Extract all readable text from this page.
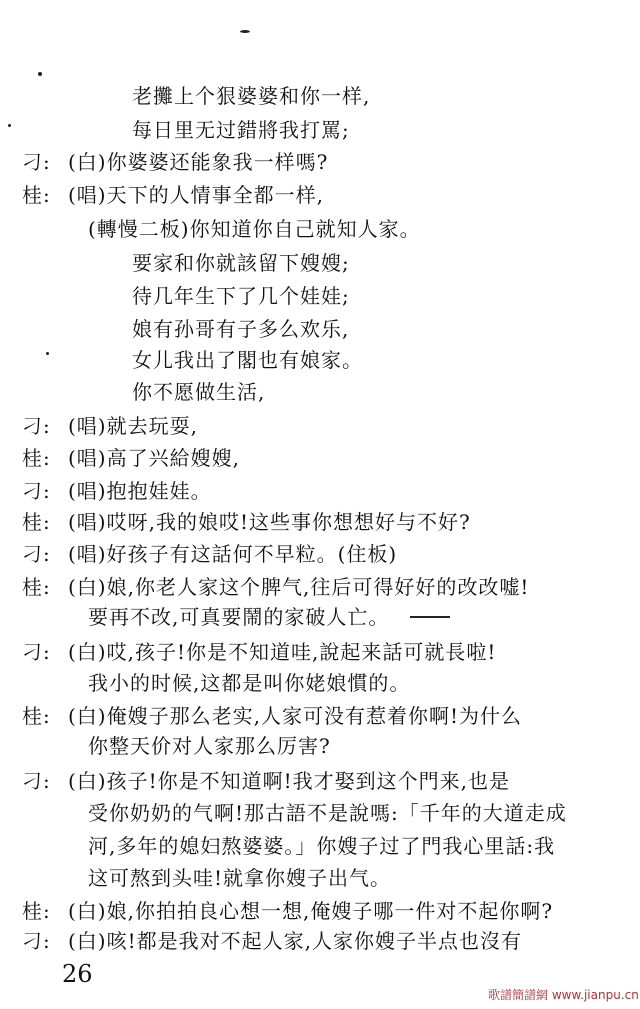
老攤上个狠婆婆和你一样,
每日里无过錯將我打罵;
刁: (白)你婆婆还能象我一样嗎?
桂: (唱)天下的人情事全都一样,
(轉慢二板)你知道你自己就知人家。
要家和你就該留下嫂嫂;
待几年生下了几个娃娃;
娘有孙哥有子多么欢乐,
女儿我出了閣也有娘家。
你不愿做生活,
刁: (唱)就去玩耍,
桂: (唱)高了兴給嫂嫂,
刁: (唱)抱抱娃娃。
桂: (唱)哎呀,我的娘哎!这些事你想想好与不好?
刁: (唱)好孩子有这話何不早粒。(住板)
桂: (白)娘,你老人家这个脾气,往后可得好好的改改嘘!
要再不改,可真要鬧的家破人亡。
刁: (白)哎,孩子!你是不知道哇,說起来話可就長啦!
我小的时候,这都是叫你姥娘慣的。
桂: (白)俺嫂子那么老实,人家可没有惹着你啊!为什么
你整天价对人家那么厉害?
刁: (白)孩子!你是不知道啊!我才娶到这个門来,也是
受你奶奶的气啊!那古語不是說嗎:「千年的大道走成
河,多年的媳妇熬婆婆。」你嫂子过了門我心里話:我
这可熬到头哇!就拿你嫂子出气。
桂: (白)娘,你拍拍良心想一想,俺嫂子哪一件对不起你啊?
刁: (白)咳!都是我对不起人家,人家你嫂子半点也沒有
26
歌譜簡譜網 www.jianpu.cn
